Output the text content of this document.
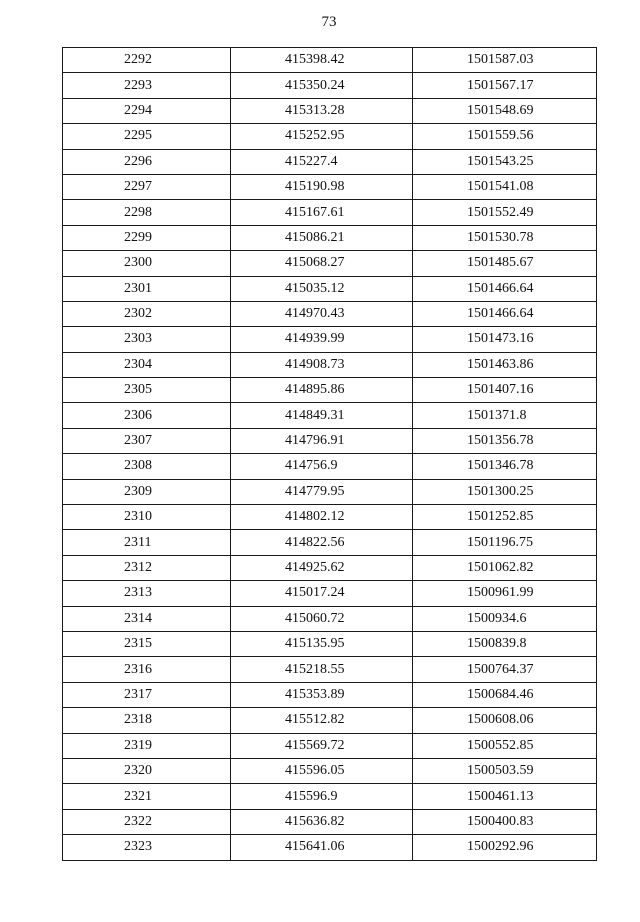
73
2292	415398.42	1501587.03
2293	415350.24	1501567.17
2294	415313.28	1501548.69
2295	415252.95	1501559.56
2296	415227.4	1501543.25
2297	415190.98	1501541.08
2298	415167.61	1501552.49
2299	415086.21	1501530.78
2300	415068.27	1501485.67
2301	415035.12	1501466.64
2302	414970.43	1501466.64
2303	414939.99	1501473.16
2304	414908.73	1501463.86
2305	414895.86	1501407.16
2306	414849.31	1501371.8
2307	414796.91	1501356.78
2308	414756.9	1501346.78
2309	414779.95	1501300.25
2310	414802.12	1501252.85
2311	414822.56	1501196.75
2312	414925.62	1501062.82
2313	415017.24	1500961.99
2314	415060.72	1500934.6
2315	415135.95	1500839.8
2316	415218.55	1500764.37
2317	415353.89	1500684.46
2318	415512.82	1500608.06
2319	415569.72	1500552.85
2320	415596.05	1500503.59
2321	415596.9	1500461.13
2322	415636.82	1500400.83
2323	415641.06	1500292.96
